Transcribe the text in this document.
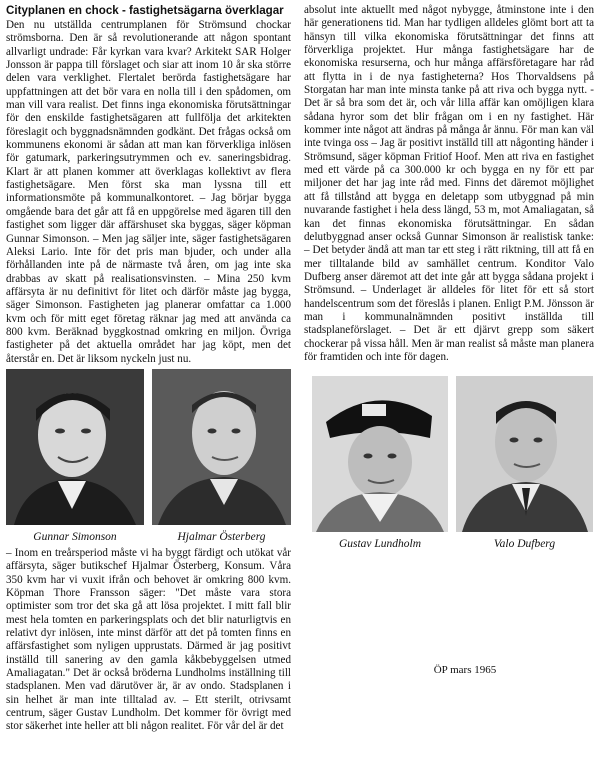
Cityplanen en chock - fastighetsägarna överklagar

Den nu utställda centrumplanen för Strömsund chockar strömsborna. Den är så revolutionerande att någon spontant allvarligt undrade: Får kyrkan vara kvar? Arkitekt SAR Holger Jonsson är pappa till förslaget och siar att inom 10 år ska större delen vara verklighet. Flertalet berörda fastighetsägare har uppfattningen att det bör vara en nolla till i den spådomen, om man vill vara realist. Det finns inga ekonomiska förutsättningar för den enskilde fastighetsägaren att fullfölja det arkitekten föreslagit och byggnadsnämnden godkänt. Det frågas också om kommunens ekonomi är sådan att man kan förverkliga inlösen för gatumark, parkeringsutrymmen och ev. saneringsbidrag. Klart är att planen kommer att överklagas kollektivt av flera fastighetsägare. Men först ska man lyssna till ett informationsmöte på kommunalkontoret. – Jag börjar bygga omgående bara det går att få en uppgörelse med ägaren till den fastighet som ligger där affärshuset ska byggas, säger köpman Gunnar Simonson. – Men jag säljer inte, säger fastighetsägaren Aleksi Lario. Inte för det pris man bjuder, och under alla förhållanden inte på de närmaste två åren, om jag inte ska drabbas av skatt på realisationsvinsten. – Mina 250 kvm affärsyta är nu definitivt för litet och därför måste jag bygga, säger Simonson. Fastigheten jag planerar omfattar ca 1.000 kvm och för mitt eget företag räknar jag med att använda ca 800 kvm. Beräknad byggkostnad omkring en miljon. Övriga fastigheter på det aktuella området har jag köpt, men det återstår en. Det är liksom nyckeln just nu.

Gunnar Simonson	Hjalmar Österberg

– Inom en treårsperiod måste vi ha byggt färdigt och utökat vår affärsyta, säger butikschef Hjalmar Österberg, Konsum. Våra 350 kvm har vi vuxit ifrån och behovet är omkring 800 kvm. Köpman Thore Fransson säger: "Det måste vara stora optimister som tror det ska gå att lösa projektet. I mitt fall blir mest hela tomten en parkeringsplats och det blir naturligtvis en relativt dyr inlösen, inte minst därför att det på tomten finns en affärsfastighet som nyligen upprustats. Därmed är jag positivt inställd till sanering av den gamla kåkbebyggelsen utmed Amaliagatan." Det är också bröderna Lundholms inställning till stadsplanen. Men vad därutöver är, är av ondo. Stadsplanen i sin helhet är man inte tilltalad av. – Ett sterilt, otrivsamt centrum, säger Gustav Lundholm. Det kommer för övrigt med stor säkerhet inte heller att bli någon realitet. För vår del är det

absolut inte aktuellt med något nybygge, åtminstone inte i den här generationens tid. Man har tydligen alldeles glömt bort att ta hänsyn till vilka ekonomiska förutsättningar det finns att förverkliga projektet. Hur många fastighetsägare har de ekonomiska resurserna, och hur många affärsföretagare har råd att flytta in i de nya fastigheterna? Hos Thorvaldsens på Storgatan har man inte minsta tanke på att riva och bygga nytt. - Det är så bra som det är, och vår lilla affär kan omöjligen klara sådana hyror som det blir frågan om i en ny fastighet. Här kommer inte något att ändras på många år ännu. För man kan väl inte tvinga oss – Jag är positivt inställd till att någonting händer i Strömsund, säger köpman Fritiof Hoof. Men att riva en fastighet med ett värde på ca 300.000 kr och bygga en ny för ett par miljoner det har jag inte råd med. Finns det däremot möjlighet att få tillstånd att bygga en deletapp som utbyggnad på min nuvarande fastighet i hela dess längd, 53 m, mot Amaliagatan, så kan det finnas ekonomiska förutsättningar. En sådan delutbyggnad anser också Gunnar Simonson är realistisk tanke: – Det betyder ändå att man tar ett steg i rätt riktning, till att få en mer tilltalande bild av samhället centrum. Konditor Valo Dufberg anser däremot att det inte går att bygga sådana projekt i Strömsund. – Underlaget är alldeles för litet för ett så stort handelscentrum som det föreslås i planen. Enligt P.M. Jönsson är man i kommunalnämnden positivt inställda till stadsplaneförslaget. – Det är ett djärvt grepp som säkert chockerar på vissa håll. Men är man realist så måste man planera för framtiden och inte för dagen.

Gustav Lundholm	Valo Dufberg
ÖP mars 1965
